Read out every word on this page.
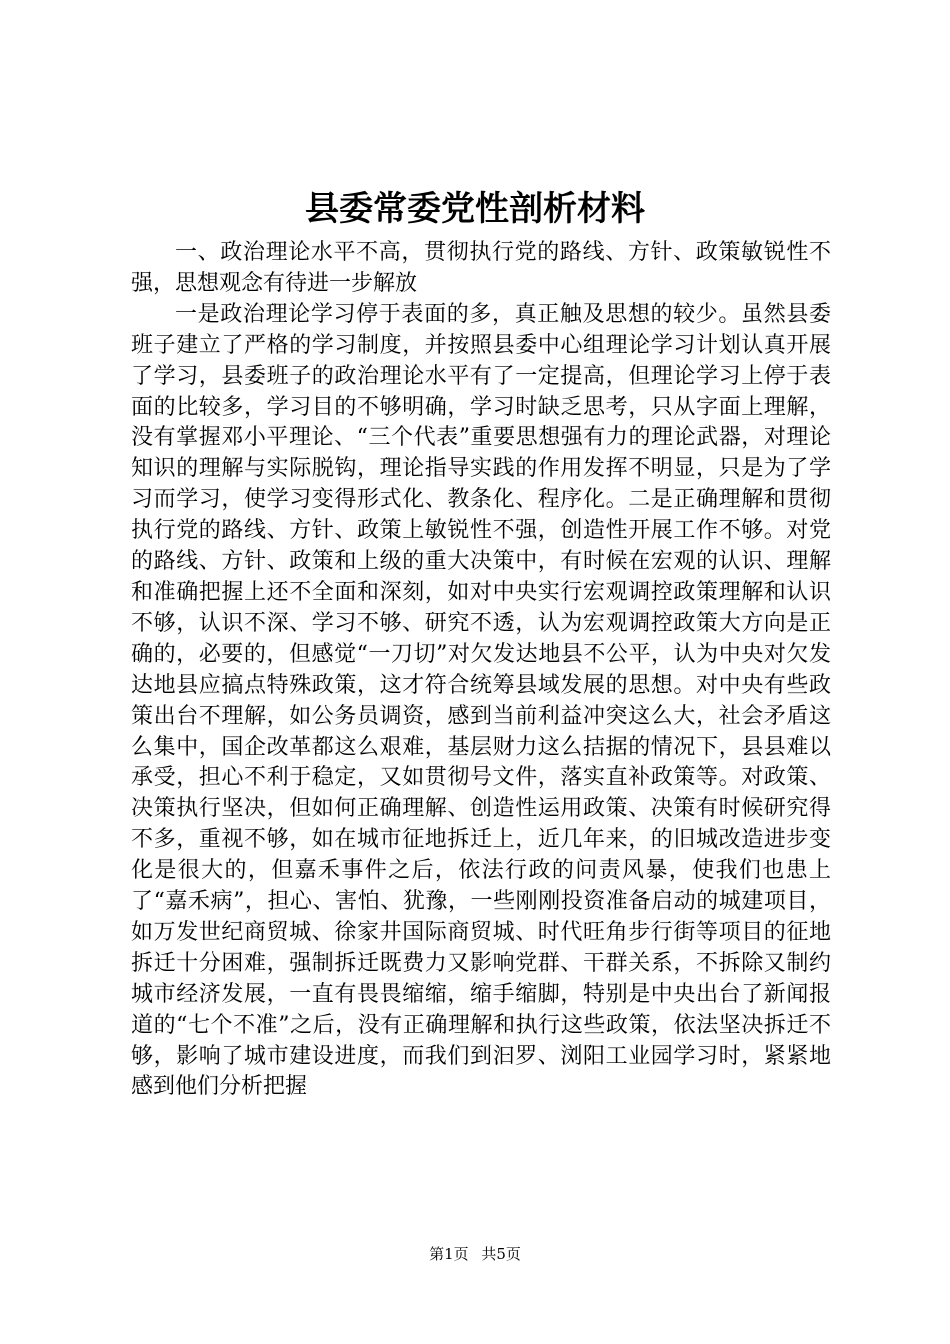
县委常委党性剖析材料

一、政治理论水平不高，贯彻执行党的路线、方针、政策敏锐性不强，思想观念有待进一步解放

一是政治理论学习停于表面的多，真正触及思想的较少。虽然县委班子建立了严格的学习制度，并按照县委中心组理论学习计划认真开展了学习，县委班子的政治理论水平有了一定提高，但理论学习上停于表面的比较多，学习目的不够明确，学习时缺乏思考，只从字面上理解，没有掌握邓小平理论、“三个代表”重要思想强有力的理论武器，对理论知识的理解与实际脱钩，理论指导实践的作用发挥不明显，只是为了学习而学习，使学习变得形式化、教条化、程序化。二是正确理解和贯彻执行党的路线、方针、政策上敏锐性不强，创造性开展工作不够。对党的路线、方针、政策和上级的重大决策中，有时候在宏观的认识、理解和准确把握上还不全面和深刻，如对中央实行宏观调控政策理解和认识不够，认识不深、学习不够、研究不透，认为宏观调控政策大方向是正确的，必要的，但感觉“一刀切”对欠发达地县不公平，认为中央对欠发达地县应搞点特殊政策，这才符合统筹县域发展的思想。对中央有些政策出台不理解，如公务员调资，感到当前利益冲突这么大，社会矛盾这么集中，国企改革都这么艰难，基层财力这么拮据的情况下，县县难以承受，担心不利于稳定，又如贯彻号文件，落实直补政策等。对政策、决策执行坚决，但如何正确理解、创造性运用政策、决策有时候研究得不多，重视不够，如在城市征地拆迁上，近几年来，的旧城改造进步变化是很大的，但嘉禾事件之后，依法行政的问责风暴，使我们也患上了“嘉禾病”，担心、害怕、犹豫，一些刚刚投资准备启动的城建项目，如万发世纪商贸城、徐家井国际商贸城、时代旺角步行街等项目的征地拆迁十分困难，强制拆迁既费力又影响党群、干群关系，不拆除又制约城市经济发展，一直有畏畏缩缩，缩手缩脚，特别是中央出台了新闻报道的“七个不准”之后，没有正确理解和执行这些政策，依法坚决拆迁不够，影响了城市建设进度，而我们到汩罗、浏阳工业园学习时，紧紧地感到他们分析把握

第1页 共5页
